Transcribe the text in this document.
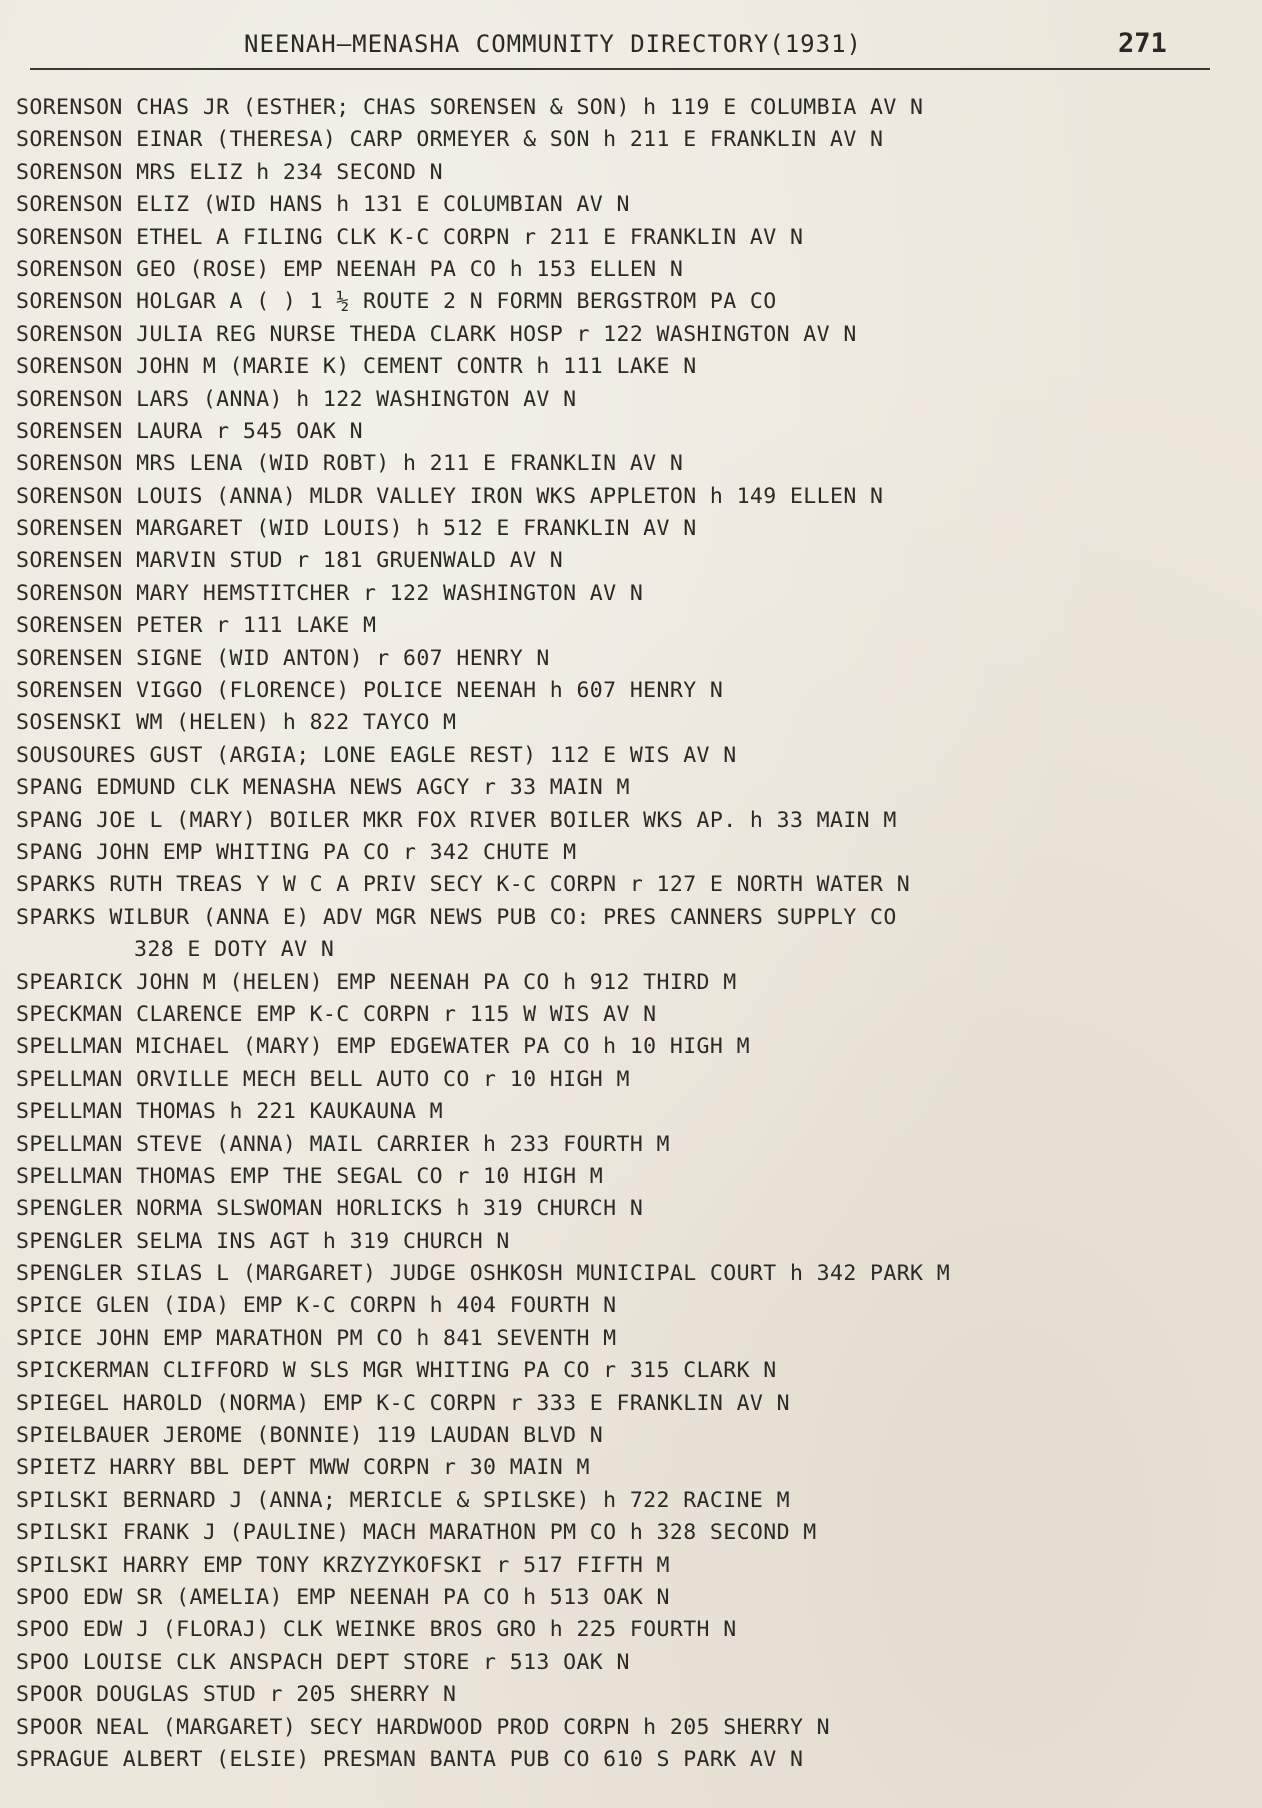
NEENAH—MENASHA COMMUNITY DIRECTORY(1931)	271
SORENSON CHAS JR (ESTHER; CHAS SORENSEN & SON) h 119 E COLUMBIA AV N
SORENSON EINAR (THERESA) CARP ORMEYER & SON h 211 E FRANKLIN AV N
SORENSON MRS ELIZ h 234 SECOND N
SORENSON ELIZ (WID HANS h 131 E COLUMBIAN AV N
SORENSON ETHEL A FILING CLK K-C CORPN r 211 E FRANKLIN AV N
SORENSON GEO (ROSE) EMP NEENAH PA CO h 153 ELLEN N
SORENSON HOLGAR A ( ) 1 ½ ROUTE 2 N FORMN BERGSTROM PA CO
SORENSON JULIA REG NURSE THEDA CLARK HOSP r 122 WASHINGTON AV N
SORENSON JOHN M (MARIE K) CEMENT CONTR h 111 LAKE N
SORENSON LARS (ANNA) h 122 WASHINGTON AV N
SORENSEN LAURA r 545 OAK N
SORENSON MRS LENA (WID ROBT) h 211 E FRANKLIN AV N
SORENSON LOUIS (ANNA) MLDR VALLEY IRON WKS APPLETON h 149 ELLEN N
SORENSEN MARGARET (WID LOUIS) h 512 E FRANKLIN AV N
SORENSEN MARVIN STUD r 181 GRUENWALD AV N
SORENSON MARY HEMSTITCHER r 122 WASHINGTON AV N
SORENSEN PETER r 111 LAKE M
SORENSEN SIGNE (WID ANTON) r 607 HENRY N
SORENSEN VIGGO (FLORENCE) POLICE NEENAH h 607 HENRY N
SOSENSKI WM (HELEN) h 822 TAYCO M
SOUSOURES GUST (ARGIA; LONE EAGLE REST) 112 E WIS AV N
SPANG EDMUND CLK MENASHA NEWS AGCY r 33 MAIN M
SPANG JOE L (MARY) BOILER MKR FOX RIVER BOILER WKS AP. h 33 MAIN M
SPANG JOHN EMP WHITING PA CO r 342 CHUTE M
SPARKS RUTH TREAS Y W C A PRIV SECY K-C CORPN r 127 E NORTH WATER N
SPARKS WILBUR (ANNA E) ADV MGR NEWS PUB CO: PRES CANNERS SUPPLY CO
328 E DOTY AV N
SPEARICK JOHN M (HELEN) EMP NEENAH PA CO h 912 THIRD M
SPECKMAN CLARENCE EMP K-C CORPN r 115 W WIS AV N
SPELLMAN MICHAEL (MARY) EMP EDGEWATER PA CO h 10 HIGH M
SPELLMAN ORVILLE MECH BELL AUTO CO r 10 HIGH M
SPELLMAN THOMAS h 221 KAUKAUNA M
SPELLMAN STEVE (ANNA) MAIL CARRIER h 233 FOURTH M
SPELLMAN THOMAS EMP THE SEGAL CO r 10 HIGH M
SPENGLER NORMA SLSWOMAN HORLICKS h 319 CHURCH N
SPENGLER SELMA INS AGT h 319 CHURCH N
SPENGLER SILAS L (MARGARET) JUDGE OSHKOSH MUNICIPAL COURT h 342 PARK M
SPICE GLEN (IDA) EMP K-C CORPN h 404 FOURTH N
SPICE JOHN EMP MARATHON PM CO h 841 SEVENTH M
SPICKERMAN CLIFFORD W SLS MGR WHITING PA CO r 315 CLARK N
SPIEGEL HAROLD (NORMA) EMP K-C CORPN r 333 E FRANKLIN AV N
SPIELBAUER JEROME (BONNIE) 119 LAUDAN BLVD N
SPIETZ HARRY BBL DEPT MWW CORPN r 30 MAIN M
SPILSKI BERNARD J (ANNA; MERICLE & SPILSKE) h 722 RACINE M
SPILSKI FRANK J (PAULINE) MACH MARATHON PM CO h 328 SECOND M
SPILSKI HARRY EMP TONY KRZYZYKOFSKI r 517 FIFTH M
SPOO EDW SR (AMELIA) EMP NEENAH PA CO h 513 OAK N
SPOO EDW J (FLORAJ) CLK WEINKE BROS GRO h 225 FOURTH N
SPOO LOUISE CLK ANSPACH DEPT STORE r 513 OAK N
SPOOR DOUGLAS STUD r 205 SHERRY N
SPOOR NEAL (MARGARET) SECY HARDWOOD PROD CORPN h 205 SHERRY N
SPRAGUE ALBERT (ELSIE) PRESMAN BANTA PUB CO 610 S PARK AV N
